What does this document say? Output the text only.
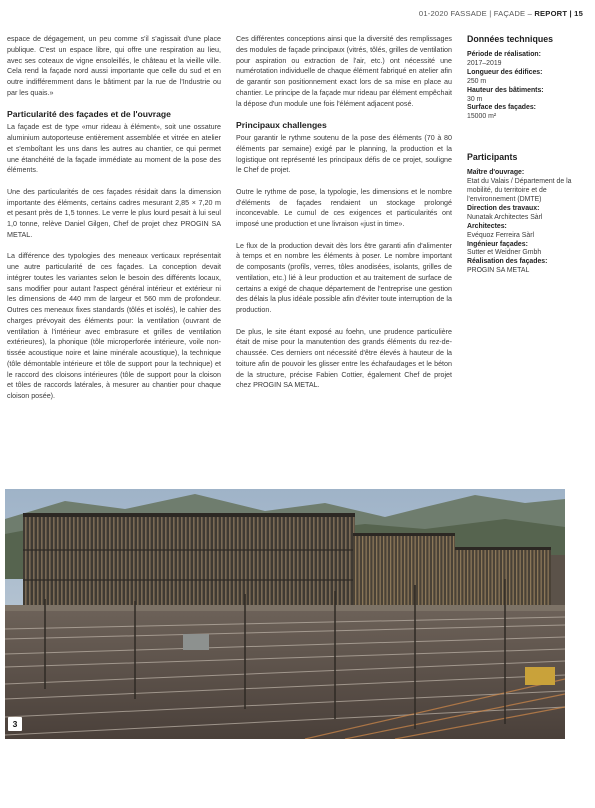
01-2020 FASSADE | FAÇADE – REPORT | 15

espace de dégagement, un peu comme s'il s'agissait d'une place publique. C'est un espace libre, qui offre une respiration au lieu, avec ses coteaux de vigne ensoleillés, le château et la vieille ville. Cela rend la façade nord aussi importante que celle du sud et en outre indifféremment dans le bâtiment par la rue de l'Industrie ou par les quais.»

Particularité des façades et de l'ouvrage

La façade est de type «mur rideau à élément», soit une ossature aluminium autoporteuse entièrement assemblée et vitrée en atelier et s'emboîtant les uns dans les autres au chantier, ce qui permet une étanchéité de la façade immédiate au moment de la pose des éléments.

Une des particularités de ces façades résidait dans la dimension importante des éléments, certains cadres mesurant 2,85 × 7,20 m et pesant près de 1,5 tonnes. Le verre le plus lourd pesait à lui seul 1,0 tonne, relève Daniel Gilgen, Chef de projet chez PROGIN SA METAL.

La différence des typologies des meneaux verticaux représentait une autre particularité de ces façades. La conception devait intégrer toutes les variantes selon le besoin des différents locaux, sans modifier pour autant l'aspect général intérieur et extérieur ni les dimensions de 440 mm de largeur et 560 mm de profondeur. Outres ces meneaux fixes standards (tôlés et isolés), le cahier des charges prévoyait des éléments pour: la ventilation (ouvrant de ventilation à l'intérieur avec embrasure et grilles de ventilation extérieures), la phonique (tôle microperforée intérieure, voile non-tissée acoustique noire et laine minérale acoustique), la technique (tôle démontable intérieure et tôle de support pour la technique) et le raccord des cloisons intérieures (tôle de support pour la cloison et tôles de raccords latérales, à mesurer au chantier pour chaque cloison posée).

Ces différentes conceptions ainsi que la diversité des remplissages des modules de façade principaux (vitrés, tôlés, grilles de ventilation pour aspiration ou extraction de l'air, etc.) ont nécessité une numérotation individuelle de chaque élément fabriqué en atelier afin de garantir son positionnement exact lors de sa mise en place au chantier. Le principe de la façade mur rideau par élément empêchait la dépose d'un module une fois l'élément adjacent posé.

Principaux challenges

Pour garantir le rythme soutenu de la pose des éléments (70 à 80 éléments par semaine) exigé par le planning, la production et la logistique ont représenté les principaux défis de ce projet, souligne le Chef de projet.

Outre le rythme de pose, la typologie, les dimensions et le nombre d'éléments de façades rendaient un stockage prolongé inconcevable. Le cumul de ces exigences et particularités ont imposé une production et une livraison «just in time».

Le flux de la production devait dès lors être garanti afin d'alimenter à temps et en nombre les éléments à poser. Le nombre important de composants (profils, verres, tôles anodisées, isolants, grilles de ventilation, etc.) lié à leur production et au traitement de surface de certains a exigé de chaque département de l'entreprise une gestion des délais la plus idéale possible afin d'éviter toute interruption de la production.

De plus, le site étant exposé au foehn, une prudence particulière était de mise pour la manutention des grands éléments du rez-de-chaussée. Ces derniers ont nécessité d'être élevés à hauteur de la toiture afin de pouvoir les glisser entre les échafaudages et le béton de la structure, précise Fabien Cottier, également Chef de projet chez PROGIN SA METAL.

Données techniques
Période de réalisation:
2017–2019
Longueur des édifices:
250 m
Hauteur des bâtiments:
30 m
Surface des façades:
15000 m²
Participants
Maître d'ouvrage:
Etat du Valais / Département de la mobilité, du territoire et de l'environnement (DMTE)
Direction des travaux:
Nunatak Architectes Sàrl
Architectes:
Evéquoz Ferreira Sàrl
Ingénieur façades:
Sutter et Weidner Gmbh
Réalisation des façades:
PROGIN SA METAL
3
